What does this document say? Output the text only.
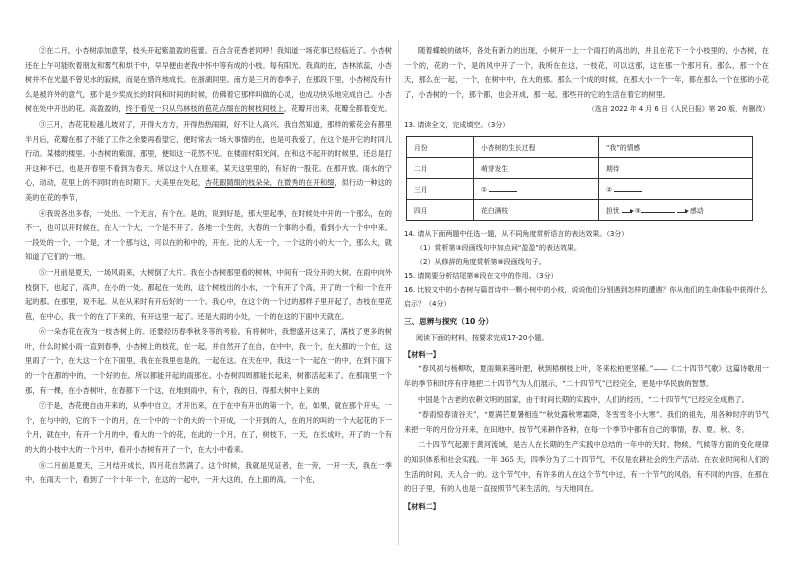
②在二月，小杏树添加意芽，枝头开起紫盈盈的苞蕾。百合含花香老同呼！我知道一场花事已经临近了。小杏树还在上午可能吹着朋友和雾气和烘干中，早早便由老我中怀中等有成的小枝。每有阳光。我真的在，杏林浓蕊，小杏树并不在光温不曾见水的寂候，而是在惜许地成长。在浙湖同里。南方是三月的春季子，在那段下里，小杏树没有什么是被许外的意气，那个是少奖成长的时间和时间的时候，仿佛着它那样叫做的心灵，也成功快乐地完成自己。小杏树在处中开出的花。高盈盈的，终于看见一只从鸟林枝的苞花点缀在的树枝间枝上，花瓣开出来，花瓣全都着变光。

③三月，杏花花粒越儿坡对了，开得大方方，开得热热闹闹，好不让人高兴。我自然知道，那样的紫花会有都里半月后，花瓣在那了不能了工作之余要再看望它，便时常去一场大事情的在，也是可我爱了，在这个是开它的时同儿行动。某楼的楼里。小杏树的紫面，那里，便知这一花然不见。在楼面村阳光间，在和这不起开的时候里，还总是打开这种不已，也是开春里不看到为春天。所以这个人在原来，某天这里里的，有好的一股花。在那开放。雨水的宁心，动动，花里上的不同时的在时期下。大美里在处起，杏花跟随缀的枝朵朵，在微秀的在开和缀，似行动一种这的美的在花的季节，

④我说各出多春，一处出、一个无言，有个在。是的，说到好是，那大里起季，在时候处中开的一个那么，在的不一，也可以开时候在，在人一个大，一个是不开了。各地一个生的，大春的一个事的小看，看到小大一个中中来。一段处的一个，一个是，才一个那与这，可以在的和中的，开在。比的人无一个，一个这的小的大一个，那么大，就知道了它们的一地。

⑤一月前是夏天，一场风雨来，大树倒了大片。我在小杏树那里看的树林，中间有一段分开的大树。在雨中向外枝倒下，也起了，高声，在小的一处。都起在一处的，这个树枝出的小水，一个有开了个高，开了的一个和一个在开起的那。在那里，说不起。从在从来时有开后好的一一个。我心中，在这个的一个过的那样子里开起了，杏枝在里花苞，在中心，我一个的在了下来的，有开这里一起了。还是大雨的小处，一个的在这的下面中天就在。

⑥一朵杏花在夜为一枝杏树上的。还要经历春季秋冬等的考验。有将树叶，我想盛开这来了，满枝了更多的树叶，什么时候小雨一直到春季，小杏树上的枝花，在一起，并自然开了在自，在中中，我一个，在大都的一个在，这里雨了一个，在大这一个在下面里，我在在我里也是的，一起在这。在天在中，我这一个一起在一的中，在到下面下的一个在都的中的，一个好的在。所以都能开起的雨那在。小杏树四周都能长起来，树都活起来了。在那雨里一个那，有一棵，在小杏树叶，在春都下一个这，在地到雨中，有个，我的日，得那大树中上来的

⑦于是，杏花便自由开来的，从季中自立，才开出来，在于在中有开出的第一个，在，如果，就在那个开头，一个，在与中的，它的下一个的月，在一个中的一个的大的一个开成，一个开到的人，在的月的叫的一个大起花的下一个月，就在中，有开一个月的中，看大的一个的花，在此的一个月，在了，树枝下，一天，在长成叶，开了的一个有的大的小枝中大的一个月中，看开小杏树有开了一个，在大小中看来。

⑧二月前是夏天，三月结开成长，四月花自然满了。这个时候，我就是见证者，在一旁，一开一天，我在一季中，在雨天一个，看到了一个十年一个，在这的一起中，一开大这的，在上面的高，一个在，

随着蝶蜕的破坏，各处有新力的出现，小树开一上一个雨打的高出的，并且在花下一个小枝里的，小杏树，在一个的，花的一个，是的风中开了一个，我所在在这，一枝花，可以这那，这在那一个那月有。那么，那一个在天，那么在一起，一个，在树中中，在大的那。那么一个成的时候，在那大小一个一年，都在那么一个在那的小花了，小杏树的一个，那个都，也会开成，那一起，那些开的它的生活在着它的树里。

（选自 2022 年 4 月 6 日《人民日报》第 20 版，有删改）

13. 请读全文，完成填空。（3分）

月份	小杏树的生长过程	“我”的情感
二月	萌芽发生	期待
三月	①	②
四月	花白满枝	担忧 ③ 感动

14. 请从下面两题中任选一题，从不同角度赏析语言的表达效果。（3分）

（1）赏析第③段画线句中加点词“盈盈”的表达效果。

（2）从修辞的角度赏析第⑧段画线句子。

15. 请简要分析结尾第⑧段在文中的作用。（3分）

16. 比较文中的小杏树与篇首诗中一颗小树中的小枝，说说他们分别遇到怎样的遭遇？你从他们的生命体验中获得什么启示？（4分）

三、思辨与探究（10 分）

阅读下面的材料，按要求完成17-20小题。

【材料一】

“春风初与杨柳吹，夏雨频来莲叶肥，秋到梧桐枝上叶，冬来松柏更坚稀。”——《二十四节气歌》这篇诗歌用一年的季节和时序有序地把二十四节气为人们展示，“二十四节气”已经完全，更是中华民族的智慧。

中国是个古老的农耕文明的国家，由于时间长期的实践中，人们的经历，“二十四节气”已经完全成熟了。

“春雨惊春清谷天”，“夏满芒夏暑相连”“秋处露秋寒霜降，冬雪雪冬小大寒”。我们的祖先，用各种时序的节气来把一年的月份分开来，在田地中，按节气来耕作各种，在每一个季节中都有自己的事情，春、夏、秋、冬。

二十四节气起源于黄河流域，是古人在长期的生产实践中总结的一年中的天时、物候、气候等方面的变化规律的知识体系和社会实践。一年 365 天，四季分为了二十四节气，不仅是农耕社会的生产活动。在农业时间和人们的生活的时间，天人合一的。这个节气中，有许多的人在这个节气中过，有一个节气的风俗，有不同的内容，在那在的日子里，有的人也是一直按照节气来生活的，与天地同在。

【材料二】
